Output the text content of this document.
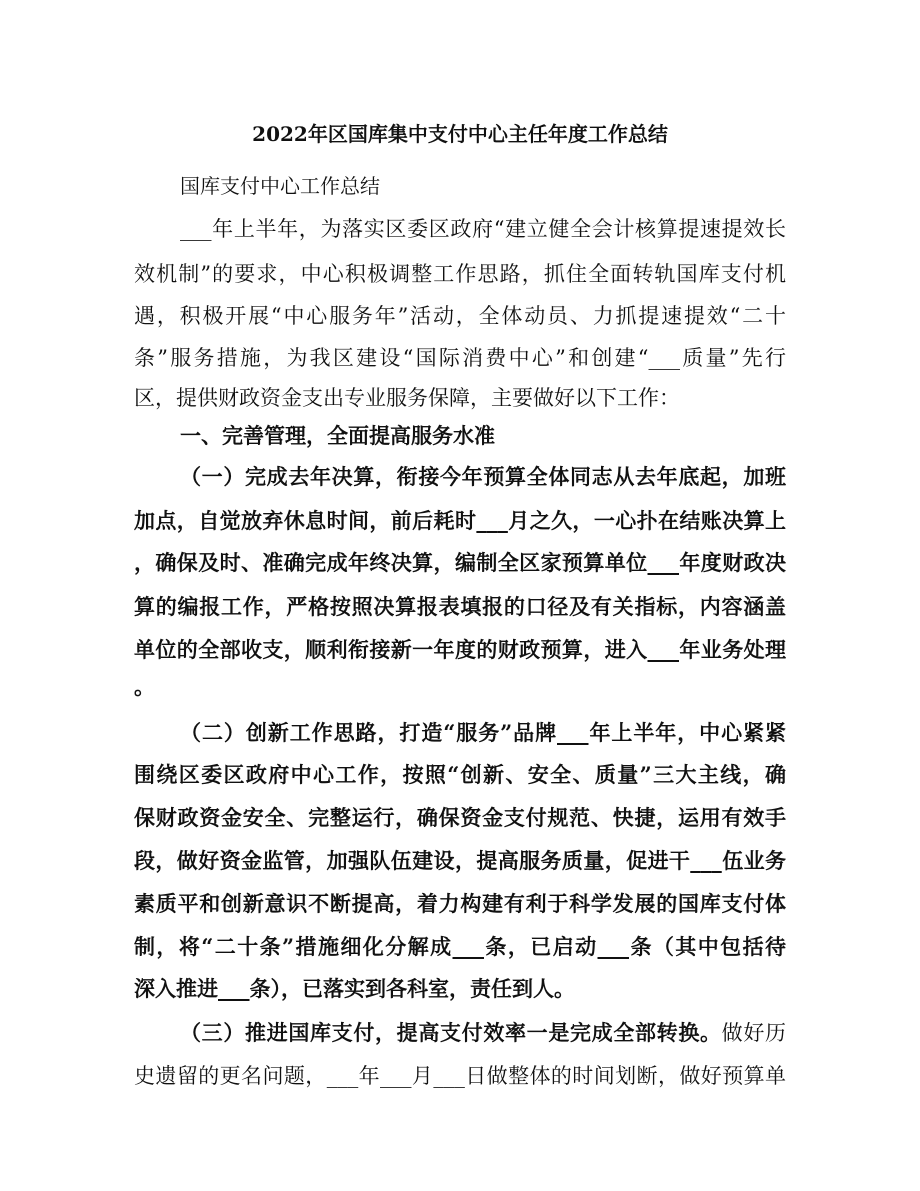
2022年区国库集中支付中心主任年度工作总结
国库支付中心工作总结
___年上半年，为落实区委区政府“建立健全会计核算提速提效长
效机制”的要求，中心积极调整工作思路，抓住全面转轨国库支付机
遇，积极开展“中心服务年”活动，全体动员、力抓提速提效“二十
条”服务措施，为我区建设“国际消费中心”和创建“___质量”先行
区，提供财政资金支出专业服务保障，主要做好以下工作：
一、完善管理，全面提高服务水准
（一）完成去年决算，衔接今年预算全体同志从去年底起，加班
加点，自觉放弃休息时间，前后耗时___月之久，一心扑在结账决算上
，确保及时、准确完成年终决算，编制全区家预算单位___年度财政决
算的编报工作，严格按照决算报表填报的口径及有关指标，内容涵盖
单位的全部收支，顺利衔接新一年度的财政预算，进入___年业务处理
。
（二）创新工作思路，打造“服务”品牌___年上半年，中心紧紧
围绕区委区政府中心工作，按照“创新、安全、质量”三大主线，确
保财政资金安全、完整运行，确保资金支付规范、快捷，运用有效手
段，做好资金监管，加强队伍建设，提高服务质量，促进干___伍业务
素质平和创新意识不断提高，着力构建有利于科学发展的国库支付体
制，将“二十条”措施细化分解成___条，已启动___条（其中包括待
深入推进___条），已落实到各科室，责任到人。
（三）推进国库支付，提高支付效率一是完成全部转换。做好历
史遗留的更名问题，___年___月___日做整体的时间划断，做好预算单
